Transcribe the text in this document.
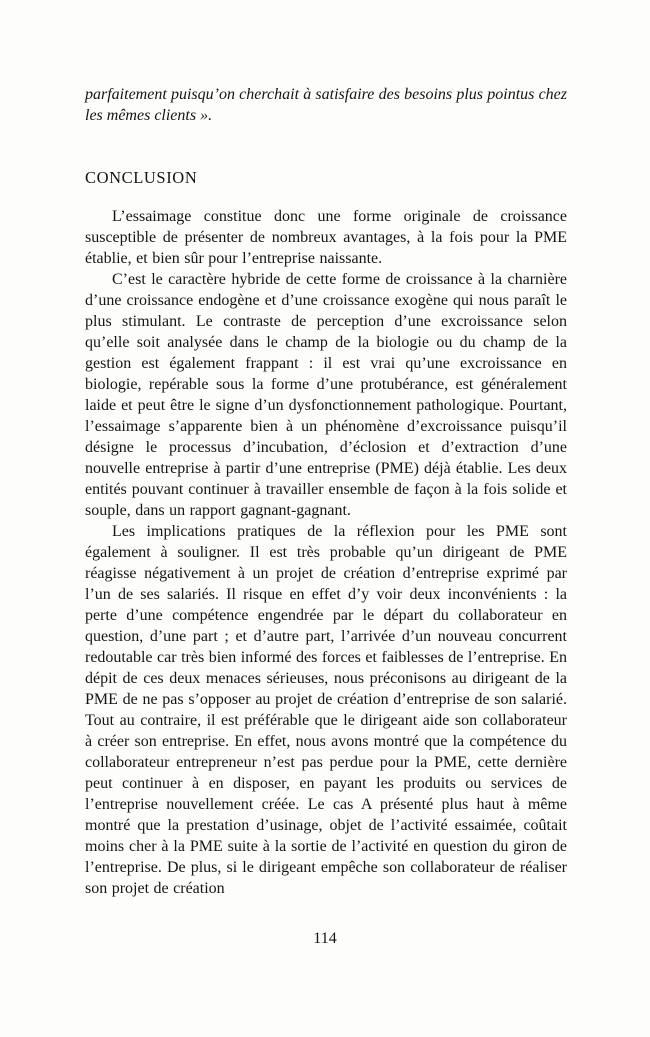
parfaitement puisqu’on cherchait à satisfaire des besoins plus pointus chez les mêmes clients ».

CONCLUSION

L’essaimage constitue donc une forme originale de croissance susceptible de présenter de nombreux avantages, à la fois pour la PME établie, et bien sûr pour l’entreprise naissante.

C’est le caractère hybride de cette forme de croissance à la charnière d’une croissance endogène et d’une croissance exogène qui nous paraît le plus stimulant. Le contraste de perception d’une excroissance selon qu’elle soit analysée dans le champ de la biologie ou du champ de la gestion est également frappant : il est vrai qu’une excroissance en biologie, repérable sous la forme d’une protubérance, est généralement laide et peut être le signe d’un dysfonctionnement pathologique. Pourtant, l’essaimage s’apparente bien à un phénomène d’excroissance puisqu’il désigne le processus d’incubation, d’éclosion et d’extraction d’une nouvelle entreprise à partir d’une entreprise (PME) déjà établie. Les deux entités pouvant continuer à travailler ensemble de façon à la fois solide et souple, dans un rapport gagnant-gagnant.

Les implications pratiques de la réflexion pour les PME sont également à souligner. Il est très probable qu’un dirigeant de PME réagisse négativement à un projet de création d’entreprise exprimé par l’un de ses salariés. Il risque en effet d’y voir deux inconvénients : la perte d’une compétence engendrée par le départ du collaborateur en question, d’une part ; et d’autre part, l’arrivée d’un nouveau concurrent redoutable car très bien informé des forces et faiblesses de l’entreprise. En dépit de ces deux menaces sérieuses, nous préconisons au dirigeant de la PME de ne pas s’opposer au projet de création d’entreprise de son salarié. Tout au contraire, il est préférable que le dirigeant aide son collaborateur à créer son entreprise. En effet, nous avons montré que la compétence du collaborateur entrepreneur n’est pas perdue pour la PME, cette dernière peut continuer à en disposer, en payant les produits ou services de l’entreprise nouvellement créée. Le cas A présenté plus haut à même montré que la prestation d’usinage, objet de l’activité essaimée, coûtait moins cher à la PME suite à la sortie de l’activité en question du giron de l’entreprise. De plus, si le dirigeant empêche son collaborateur de réaliser son projet de création

114
